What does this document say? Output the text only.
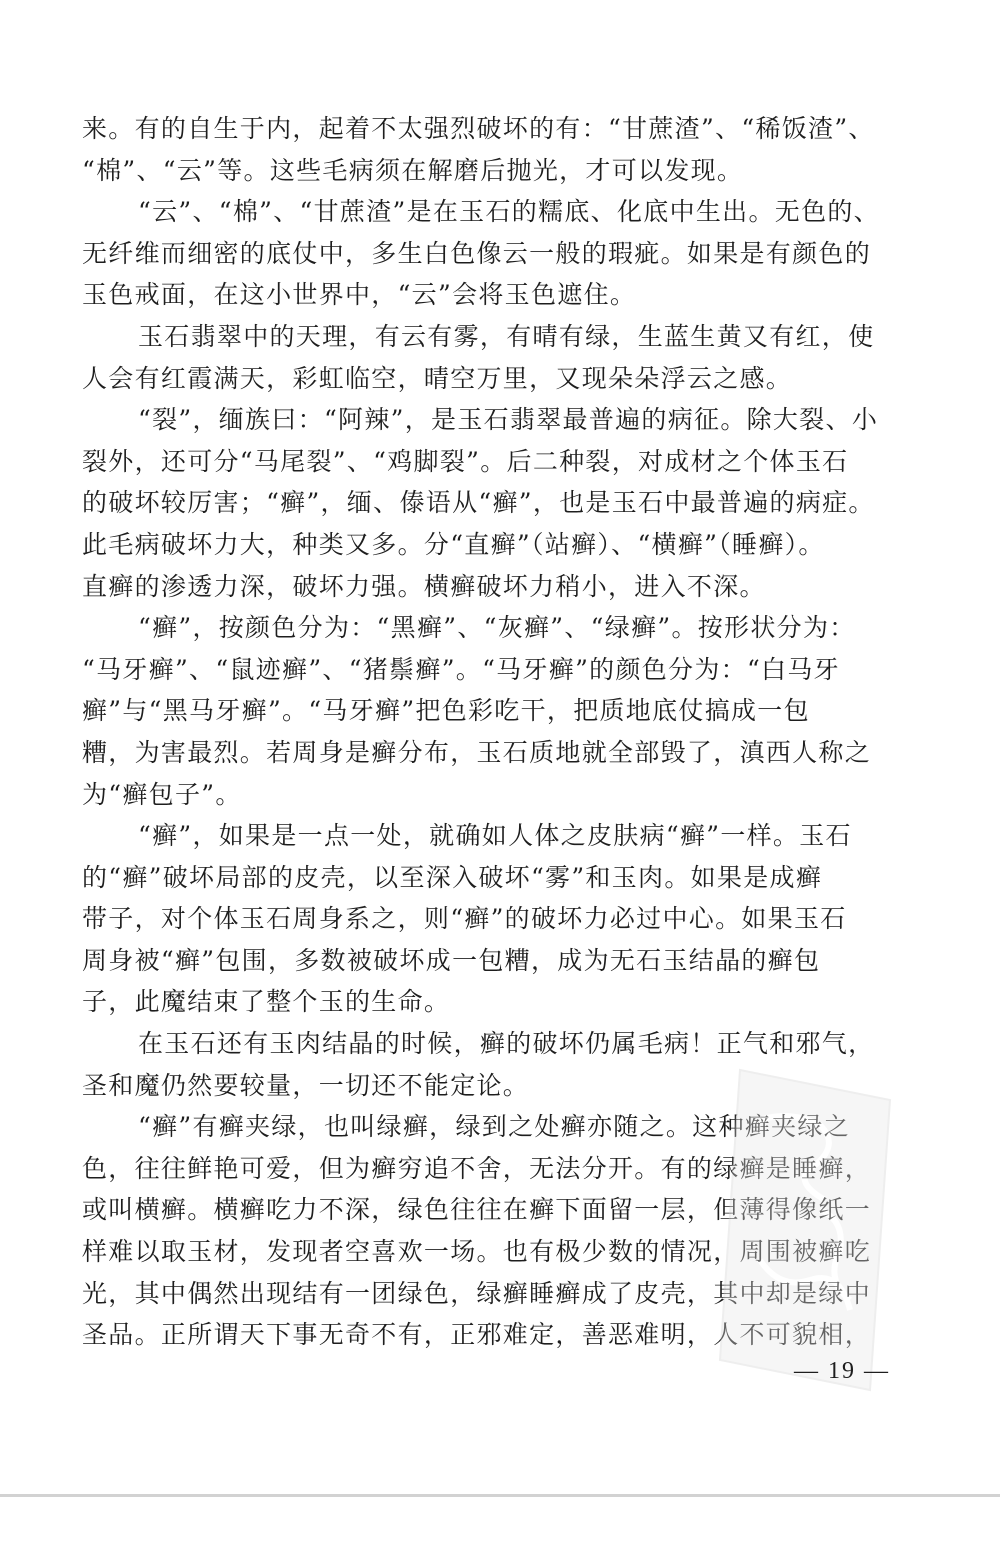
来。有的自生于内，起着不太强烈破坏的有：“甘蔗渣”、“稀饭渣”、
“棉”、“云”等。这些毛病须在解磨后抛光，才可以发现。
“云”、“棉”、“甘蔗渣”是在玉石的糯底、化底中生出。无色的、
无纤维而细密的底仗中，多生白色像云一般的瑕疵。如果是有颜色的
玉色戒面，在这小世界中，“云”会将玉色遮住。
玉石翡翠中的天理，有云有雾，有晴有绿，生蓝生黄又有红，使
人会有红霞满天，彩虹临空，晴空万里，又现朵朵浮云之感。
“裂”，缅族曰：“阿辣”，是玉石翡翠最普遍的病征。除大裂、小
裂外，还可分“马尾裂”、“鸡脚裂”。后二种裂，对成材之个体玉石
的破坏较厉害；“癣”，缅、傣语从“癣”，也是玉石中最普遍的病症。
此毛病破坏力大，种类又多。分“直癣”（站癣）、“横癣”（睡癣）。
直癣的渗透力深，破坏力强。横癣破坏力稍小，进入不深。
“癣”，按颜色分为：“黑癣”、“灰癣”、“绿癣”。按形状分为：
“马牙癣”、“鼠迹癣”、“猪鬃癣”。“马牙癣”的颜色分为：“白马牙
癣”与“黑马牙癣”。“马牙癣”把色彩吃干，把质地底仗搞成一包
糟，为害最烈。若周身是癣分布，玉石质地就全部毁了，滇西人称之
为“癣包子”。
“癣”，如果是一点一处，就确如人体之皮肤病“癣”一样。玉石
的“癣”破坏局部的皮壳，以至深入破坏“雾”和玉肉。如果是成癣
带子，对个体玉石周身系之，则“癣”的破坏力必过中心。如果玉石
周身被“癣”包围，多数被破坏成一包糟，成为无石玉结晶的癣包
子，此魔结束了整个玉的生命。
在玉石还有玉肉结晶的时候，癣的破坏仍属毛病！正气和邪气，
圣和魔仍然要较量，一切还不能定论。
“癣”有癣夹绿，也叫绿癣，绿到之处癣亦随之。这种癣夹绿之
色，往往鲜艳可爱，但为癣穷追不舍，无法分开。有的绿癣是睡癣，
或叫横癣。横癣吃力不深，绿色往往在癣下面留一层，但薄得像纸一
样难以取玉材，发现者空喜欢一场。也有极少数的情况，周围被癣吃
光，其中偶然出现结有一团绿色，绿癣睡癣成了皮壳，其中却是绿中
圣品。正所谓天下事无奇不有，正邪难定，善恶难明，人不可貌相，
— 19 —
